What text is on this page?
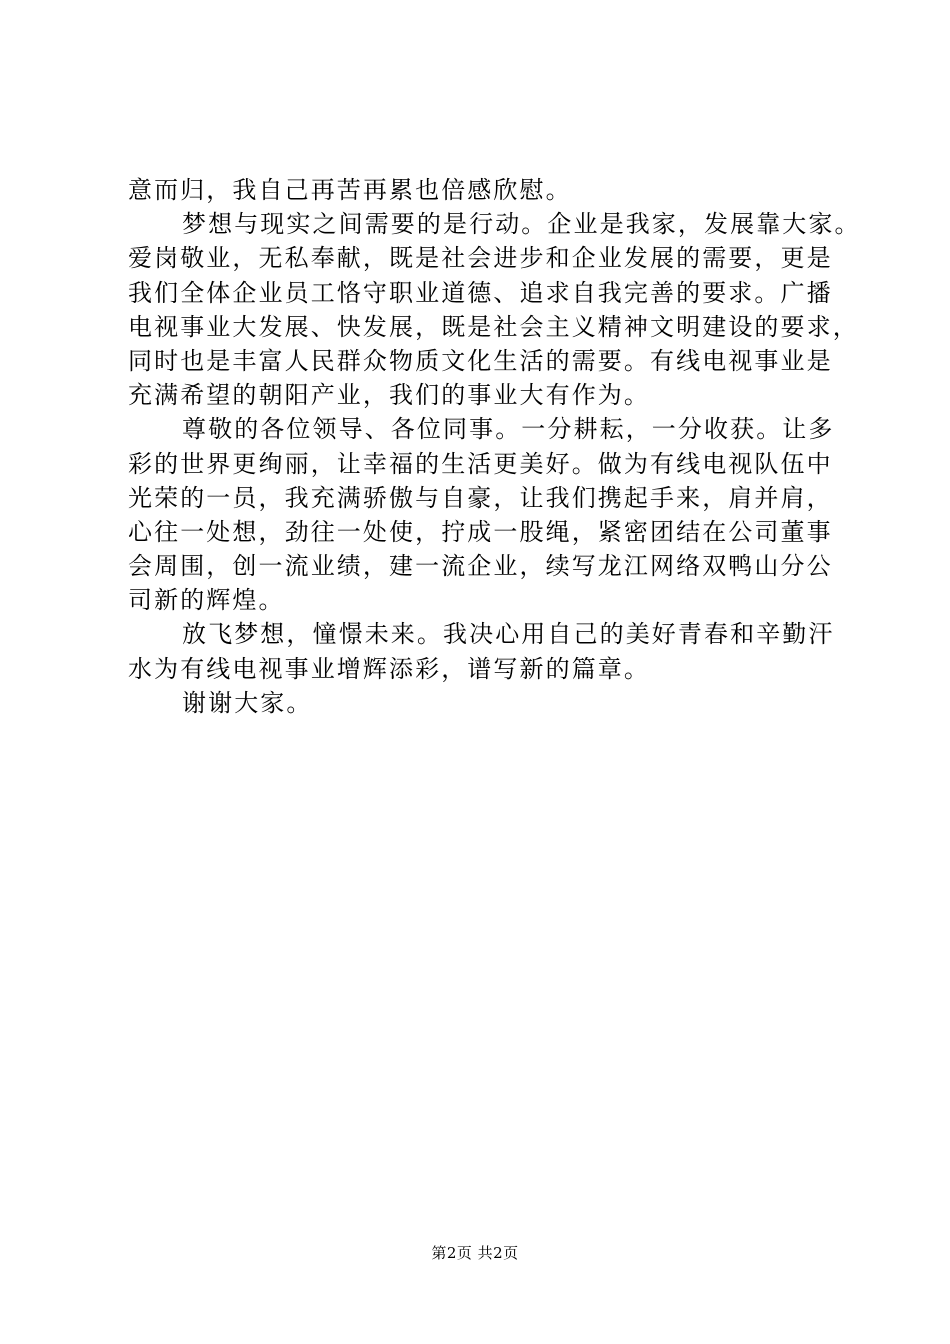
意而归，我自己再苦再累也倍感欣慰。
梦想与现实之间需要的是行动。企业是我家，发展靠大家。
爱岗敬业，无私奉献，既是社会进步和企业发展的需要，更是
我们全体企业员工恪守职业道德、追求自我完善的要求。广播
电视事业大发展、快发展，既是社会主义精神文明建设的要求，
同时也是丰富人民群众物质文化生活的需要。有线电视事业是
充满希望的朝阳产业，我们的事业大有作为。
尊敬的各位领导、各位同事。一分耕耘，一分收获。让多
彩的世界更绚丽，让幸福的生活更美好。做为有线电视队伍中
光荣的一员，我充满骄傲与自豪，让我们携起手来，肩并肩，
心往一处想，劲往一处使，拧成一股绳，紧密团结在公司董事
会周围，创一流业绩，建一流企业，续写龙江网络双鸭山分公
司新的辉煌。
放飞梦想，憧憬未来。我决心用自己的美好青春和辛勤汗
水为有线电视事业增辉添彩，谱写新的篇章。
谢谢大家。
第2页 共2页
